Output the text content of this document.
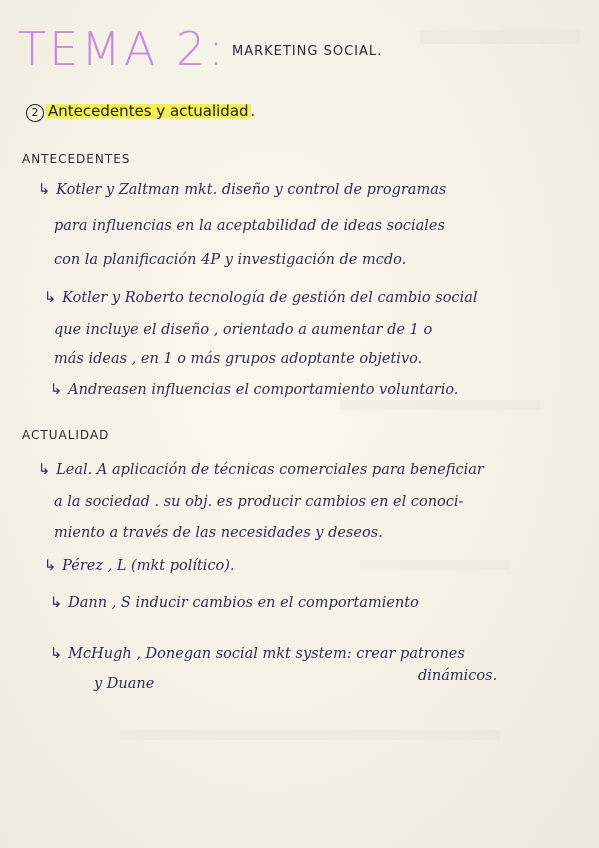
TEMA 2: MARKETING SOCIAL.
2 Antecedentes y actualidad .
ANTECEDENTES
↳ Kotler y Zaltman mkt. diseño y control de programas
para influencias en la aceptabilidad de ideas sociales
con la planificación 4P y investigación de mcdo.
↳ Kotler y Roberto tecnología de gestión del cambio social
que incluye el diseño , orientado a aumentar de 1 o
más ideas , en 1 o más grupos adoptante objetivo.
↳ Andreasen influencias el comportamiento voluntario.
ACTUALIDAD
↳ Leal. A aplicación de técnicas comerciales para beneficiar
a la sociedad . su obj. es producir cambios en el conoci-
miento a través de las necesidades y deseos.
↳ Pérez , L (mkt político).
↳ Dann , S inducir cambios en el comportamiento
↳ McHugh , Donegan social mkt system: crear patrones
y Duane	dinámicos.
